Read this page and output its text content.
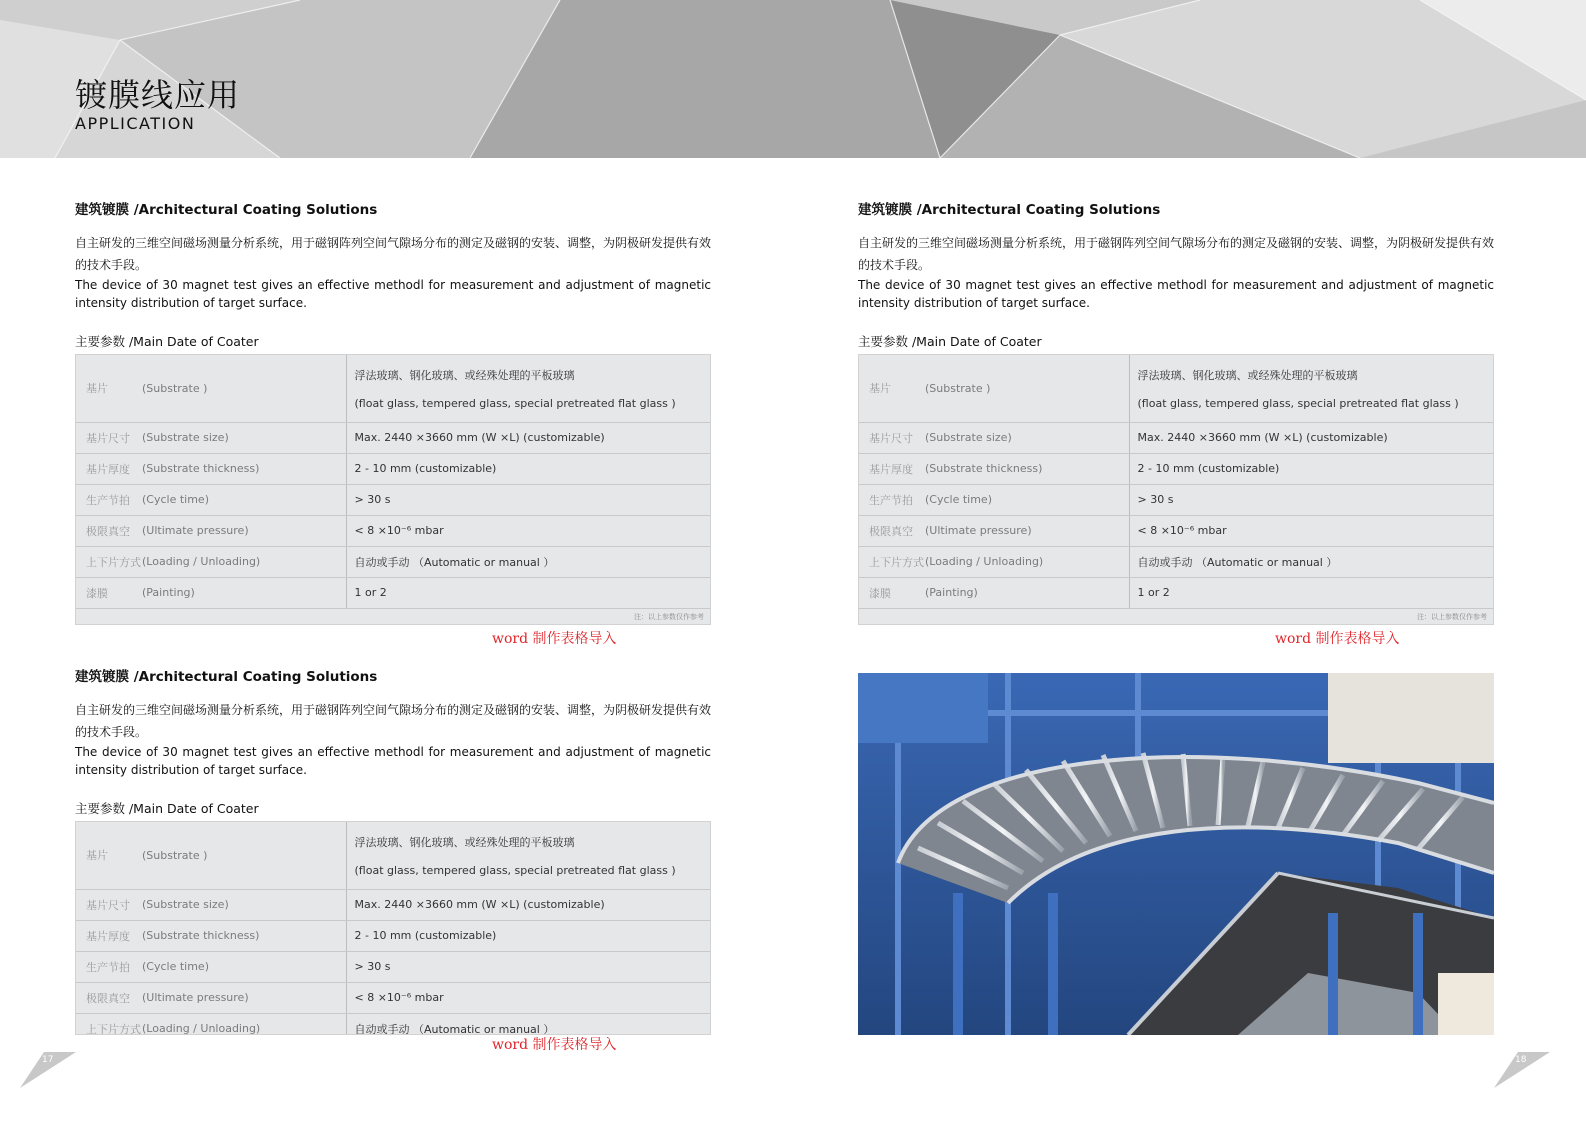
镀膜线应用
APPLICATION
建筑镀膜 /Architectural Coating Solutions
自主研发的三维空间磁场测量分析系统，用于磁钢阵列空间气隙场分布的测定及磁钢的安装、调整，为阴极研发提供有效的技术手段。
The device of 30 magnet test gives an effective methodl for measurement and adjustment of magnetic intensity distribution of target surface.
主要参数 /Main Date of Coater
基片	(Substrate )	浮法玻璃、钢化玻璃、或经殊处理的平板玻璃
(float glass, tempered glass, special pretreated flat glass )

基片尺寸	(Substrate size)	Max. 2440 ×3660 mm (W ×L) (customizable)
基片厚度	(Substrate thickness)	2 - 10 mm (customizable)
生产节拍	(Cycle time)	> 30 s
极限真空	(Ultimate pressure)	< 8 ×10⁻⁶ mbar
上下片方式	(Loading / Unloading)	自动或手动 （Automatic or manual ）
漆膜	(Painting)	1 or 2
注：以上参数仅作参考
word 制作表格导入
建筑镀膜 /Architectural Coating Solutions
自主研发的三维空间磁场测量分析系统，用于磁钢阵列空间气隙场分布的测定及磁钢的安装、调整，为阴极研发提供有效的技术手段。
The device of 30 magnet test gives an effective methodl for measurement and adjustment of magnetic intensity distribution of target surface.
主要参数 /Main Date of Coater
基片	(Substrate )	浮法玻璃、钢化玻璃、或经殊处理的平板玻璃
(float glass, tempered glass, special pretreated flat glass )

基片尺寸	(Substrate size)	Max. 2440 ×3660 mm (W ×L) (customizable)
基片厚度	(Substrate thickness)	2 - 10 mm (customizable)
生产节拍	(Cycle time)	> 30 s
极限真空	(Ultimate pressure)	< 8 ×10⁻⁶ mbar
上下片方式	(Loading / Unloading)	自动或手动 （Automatic or manual ）
漆膜	(Painting)	1 or 2
注：以上参数仅作参考
word 制作表格导入
建筑镀膜 /Architectural Coating Solutions
自主研发的三维空间磁场测量分析系统，用于磁钢阵列空间气隙场分布的测定及磁钢的安装、调整，为阴极研发提供有效的技术手段。
The device of 30 magnet test gives an effective methodl for measurement and adjustment of magnetic intensity distribution of target surface.
主要参数 /Main Date of Coater
基片	(Substrate )	浮法玻璃、钢化玻璃、或经殊处理的平板玻璃
(float glass, tempered glass, special pretreated flat glass )

基片尺寸	(Substrate size)	Max. 2440 ×3660 mm (W ×L) (customizable)
基片厚度	(Substrate thickness)	2 - 10 mm (customizable)
生产节拍	(Cycle time)	> 30 s
极限真空	(Ultimate pressure)	< 8 ×10⁻⁶ mbar
上下片方式	(Loading / Unloading)	自动或手动 （Automatic or manual ）
word 制作表格导入
17	18
